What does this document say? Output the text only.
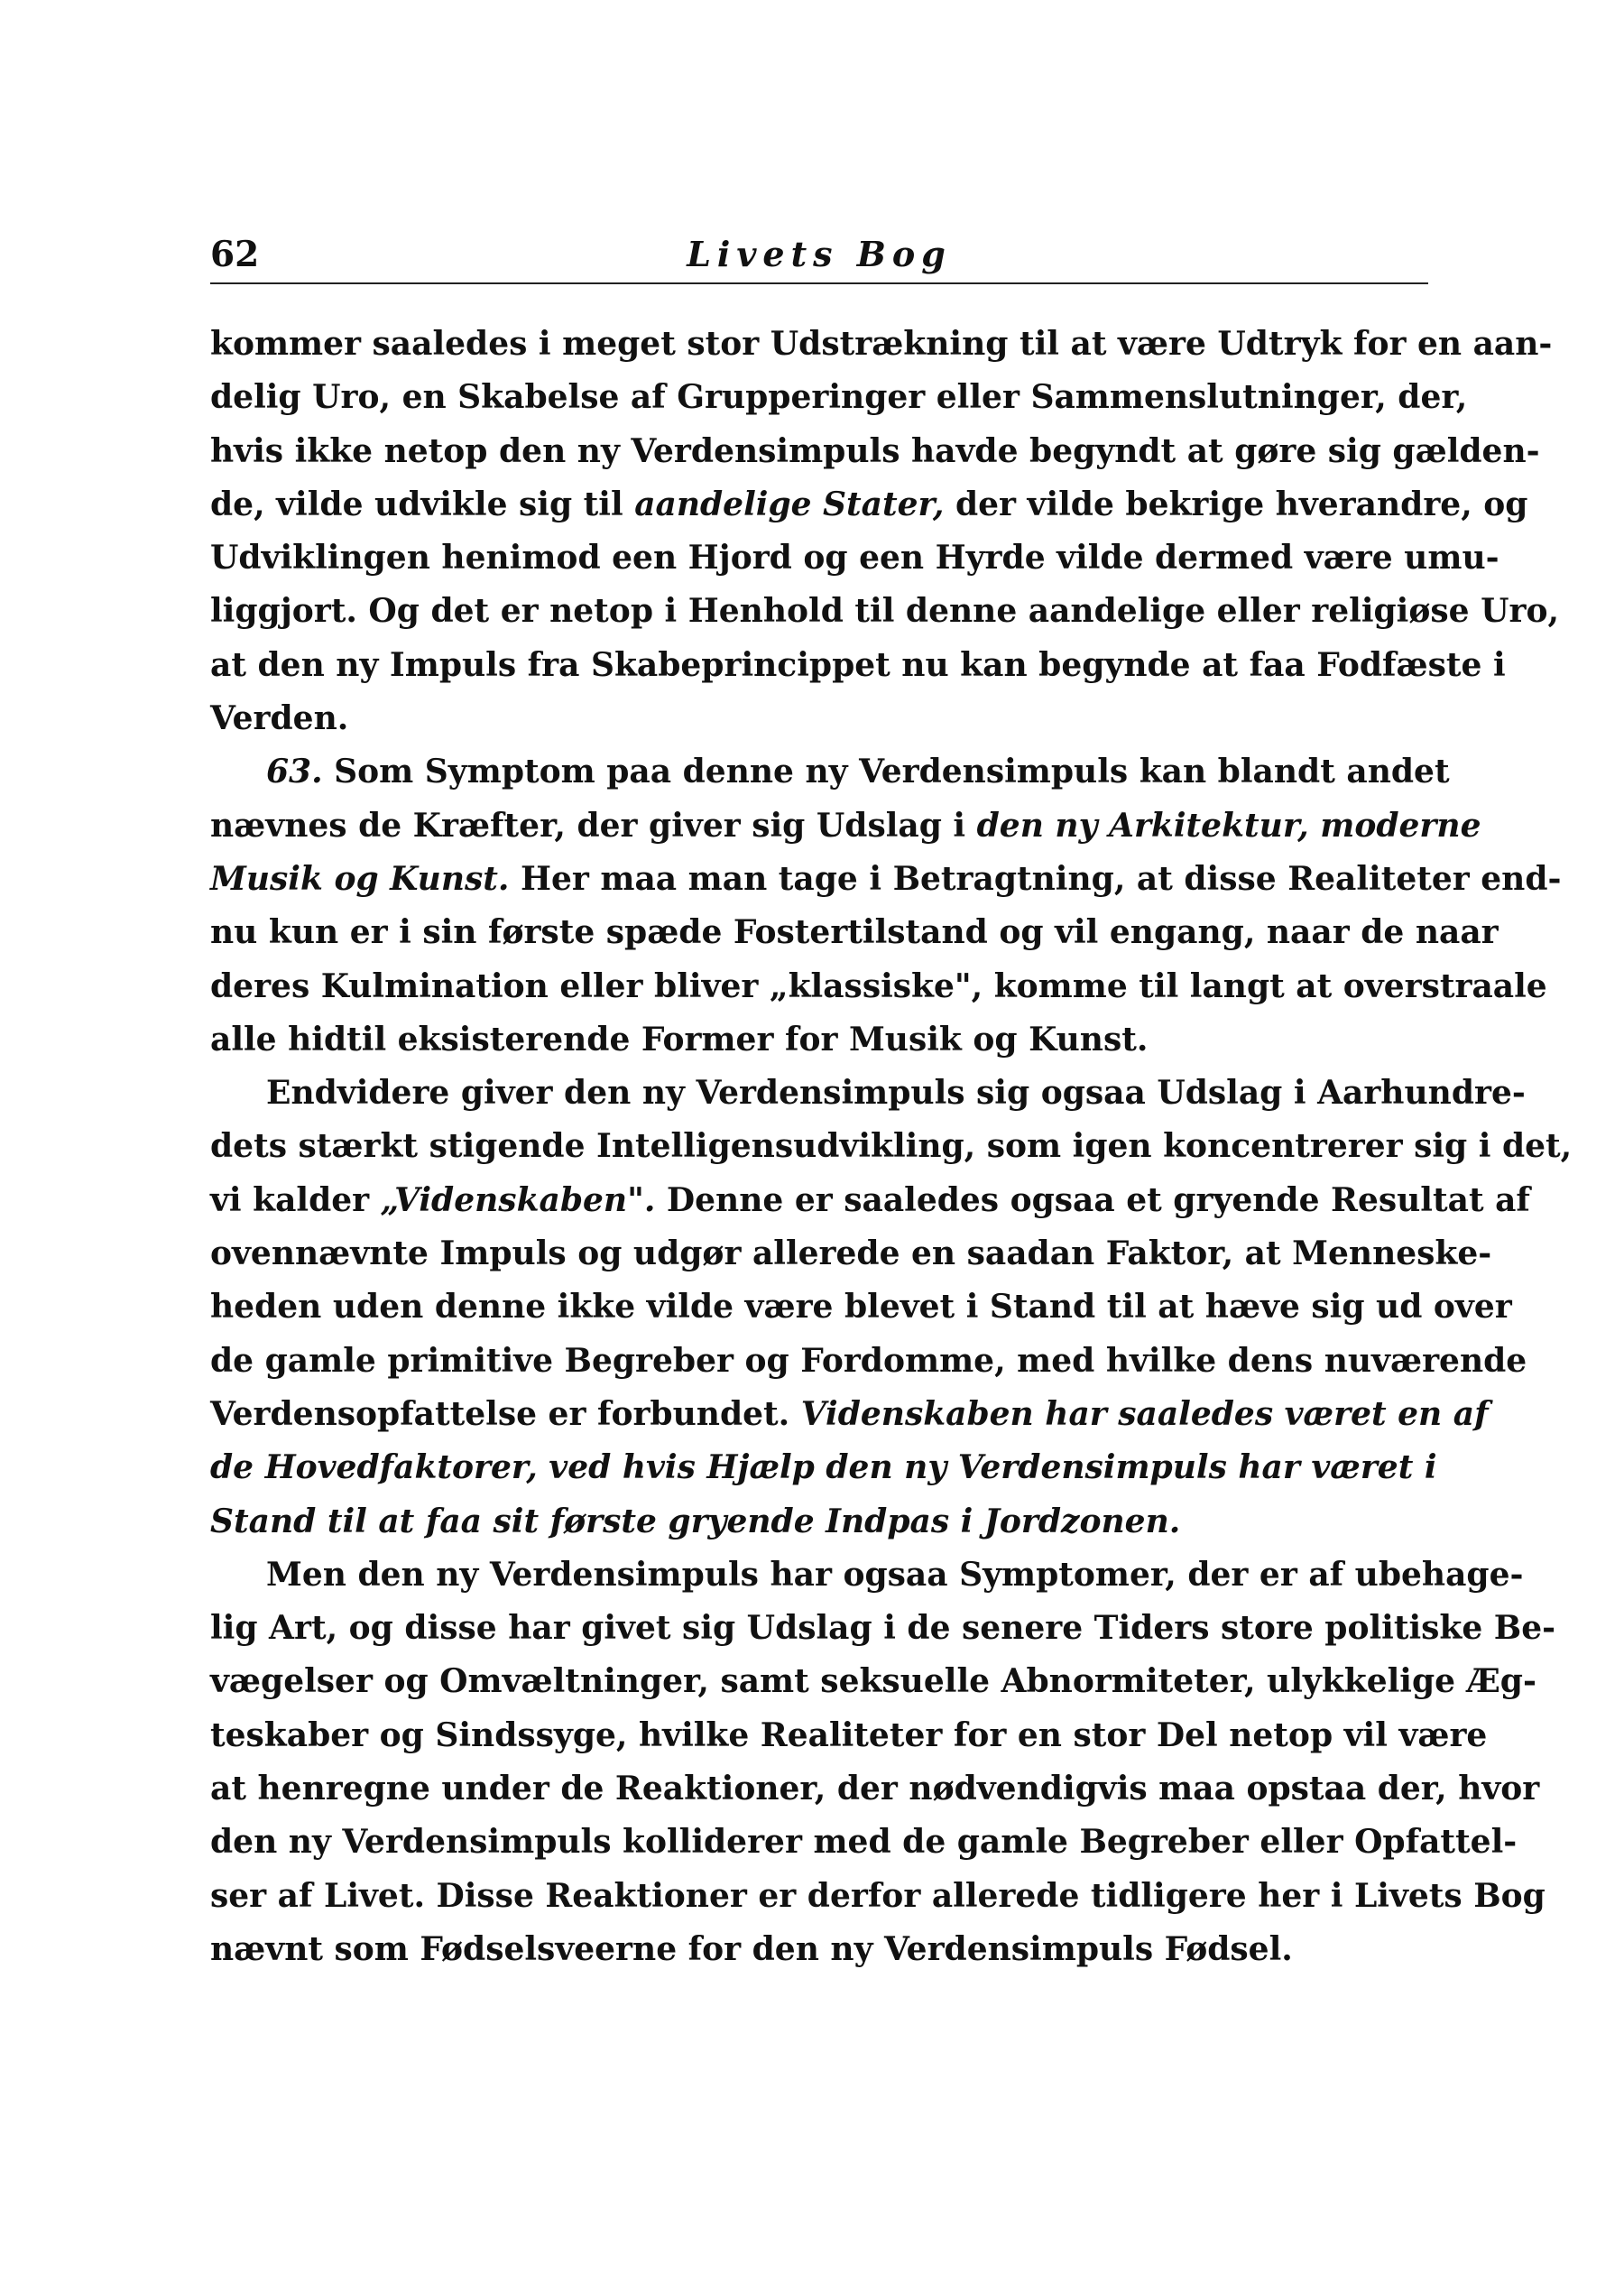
62	Livets Bog
kommer saaledes i meget stor Udstrækning til at være Udtryk for en aan-
delig Uro, en Skabelse af Grupperinger eller Sammenslutninger, der,
hvis ikke netop den ny Verdensimpuls havde begyndt at gøre sig gælden-
de, vilde udvikle sig til aandelige Stater, der vilde bekrige hverandre, og
Udviklingen henimod een Hjord og een Hyrde vilde dermed være umu-
liggjort. Og det er netop i Henhold til denne aandelige eller religiøse Uro,
at den ny Impuls fra Skabeprincippet nu kan begynde at faa Fodfæste i
Verden.
63. Som Symptom paa denne ny Verdensimpuls kan blandt andet
nævnes de Kræfter, der giver sig Udslag i den ny Arkitektur, moderne
Musik og Kunst. Her maa man tage i Betragtning, at disse Realiteter end-
nu kun er i sin første spæde Fostertilstand og vil engang, naar de naar
deres Kulmination eller bliver „klassiske", komme til langt at overstraale
alle hidtil eksisterende Former for Musik og Kunst.
Endvidere giver den ny Verdensimpuls sig ogsaa Udslag i Aarhundre-
dets stærkt stigende Intelligensudvikling, som igen koncentrerer sig i det,
vi kalder „Videnskaben". Denne er saaledes ogsaa et gryende Resultat af
ovennævnte Impuls og udgør allerede en saadan Faktor, at Menneske-
heden uden denne ikke vilde være blevet i Stand til at hæve sig ud over
de gamle primitive Begreber og Fordomme, med hvilke dens nuværende
Verdensopfattelse er forbundet. Videnskaben har saaledes været en af
de Hovedfaktorer, ved hvis Hjælp den ny Verdensimpuls har været i
Stand til at faa sit første gryende Indpas i Jordzonen.
Men den ny Verdensimpuls har ogsaa Symptomer, der er af ubehage-
lig Art, og disse har givet sig Udslag i de senere Tiders store politiske Be-
vægelser og Omvæltninger, samt seksuelle Abnormiteter, ulykkelige Æg-
teskaber og Sindssyge, hvilke Realiteter for en stor Del netop vil være
at henregne under de Reaktioner, der nødvendigvis maa opstaa der, hvor
den ny Verdensimpuls kolliderer med de gamle Begreber eller Opfattel-
ser af Livet. Disse Reaktioner er derfor allerede tidligere her i Livets Bog
nævnt som Fødselsveerne for den ny Verdensimpuls Fødsel.
